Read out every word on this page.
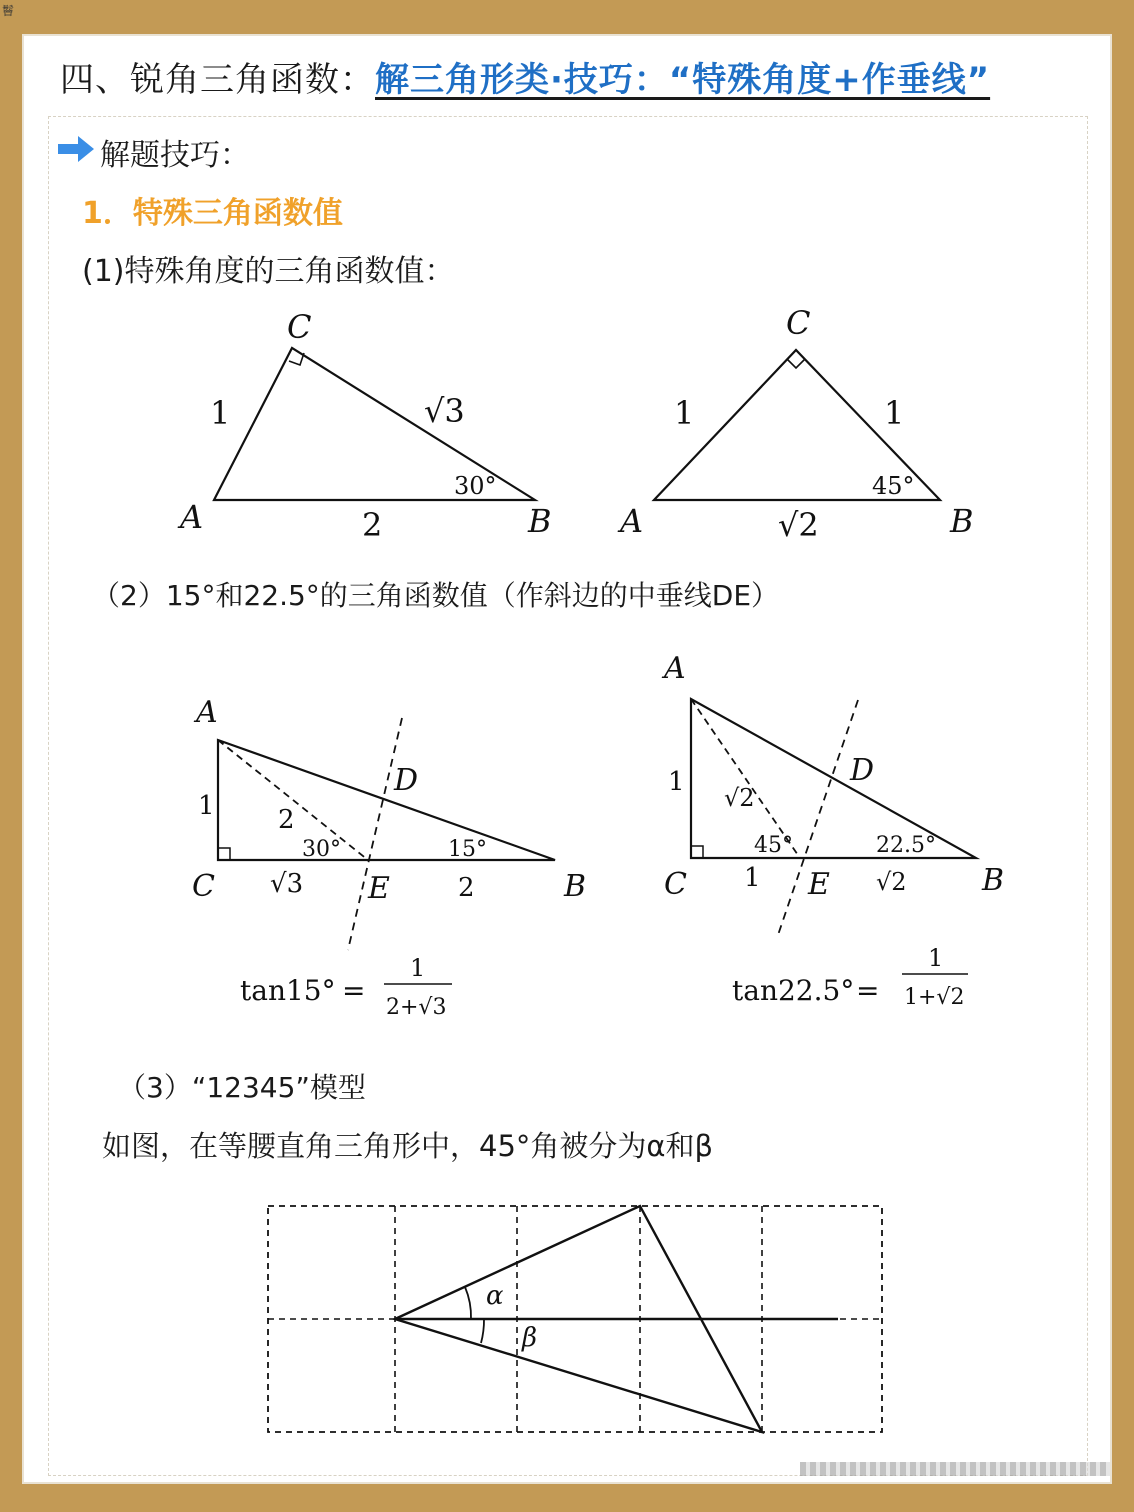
鬙
四、锐角三角函数：解三角形类·技巧：“特殊角度+作垂线”
解题技巧：
1．特殊三角函数值
(1)特殊角度的三角函数值：
（2）15°和22.5°的三角函数值（作斜边的中垂线DE）
（3）“12345”模型
如图，在等腰直角三角形中，45°角被分为α和β
C
A	B
1
2
√3
30°
C
A	B
1	1
√2
45°
A
C	B
D
E
1 2
√3	2
30°	15°
tan15° =
1
2+√3
A
C	B
D
E
1
√2
1	√2
45°	22.5°
tan22.5° =
1
1+√2
α
β
